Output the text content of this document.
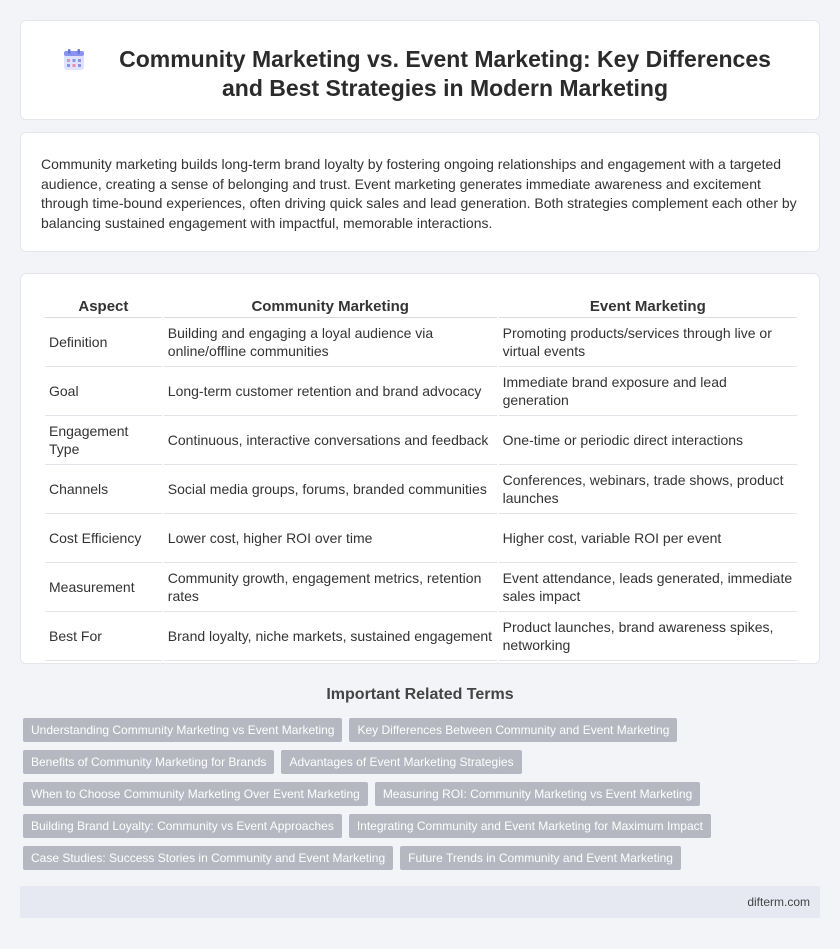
Community Marketing vs. Event Marketing: Key Differences and Best Strategies in Modern Marketing

Community marketing builds long-term brand loyalty by fostering ongoing relationships and engagement with a targeted audience, creating a sense of belonging and trust. Event marketing generates immediate awareness and excitement through time-bound experiences, often driving quick sales and lead generation. Both strategies complement each other by balancing sustained engagement with impactful, memorable interactions.

Aspect	Community Marketing	Event Marketing
Definition	Building and engaging a loyal audience via online/offline communities	Promoting products/services through live or virtual events
Goal	Long-term customer retention and brand advocacy	Immediate brand exposure and lead generation
Engagement Type	Continuous, interactive conversations and feedback	One-time or periodic direct interactions
Channels	Social media groups, forums, branded communities	Conferences, webinars, trade shows, product launches
Cost Efficiency	Lower cost, higher ROI over time	Higher cost, variable ROI per event
Measurement	Community growth, engagement metrics, retention rates	Event attendance, leads generated, immediate sales impact
Best For	Brand loyalty, niche markets, sustained engagement	Product launches, brand awareness spikes, networking
Important Related Terms
Understanding Community Marketing vs Event Marketing	Key Differences Between Community and Event Marketing
Benefits of Community Marketing for Brands	Advantages of Event Marketing Strategies
When to Choose Community Marketing Over Event Marketing	Measuring ROI: Community Marketing vs Event Marketing
Building Brand Loyalty: Community vs Event Approaches	Integrating Community and Event Marketing for Maximum Impact
Case Studies: Success Stories in Community and Event Marketing	Future Trends in Community and Event Marketing
difterm.com
